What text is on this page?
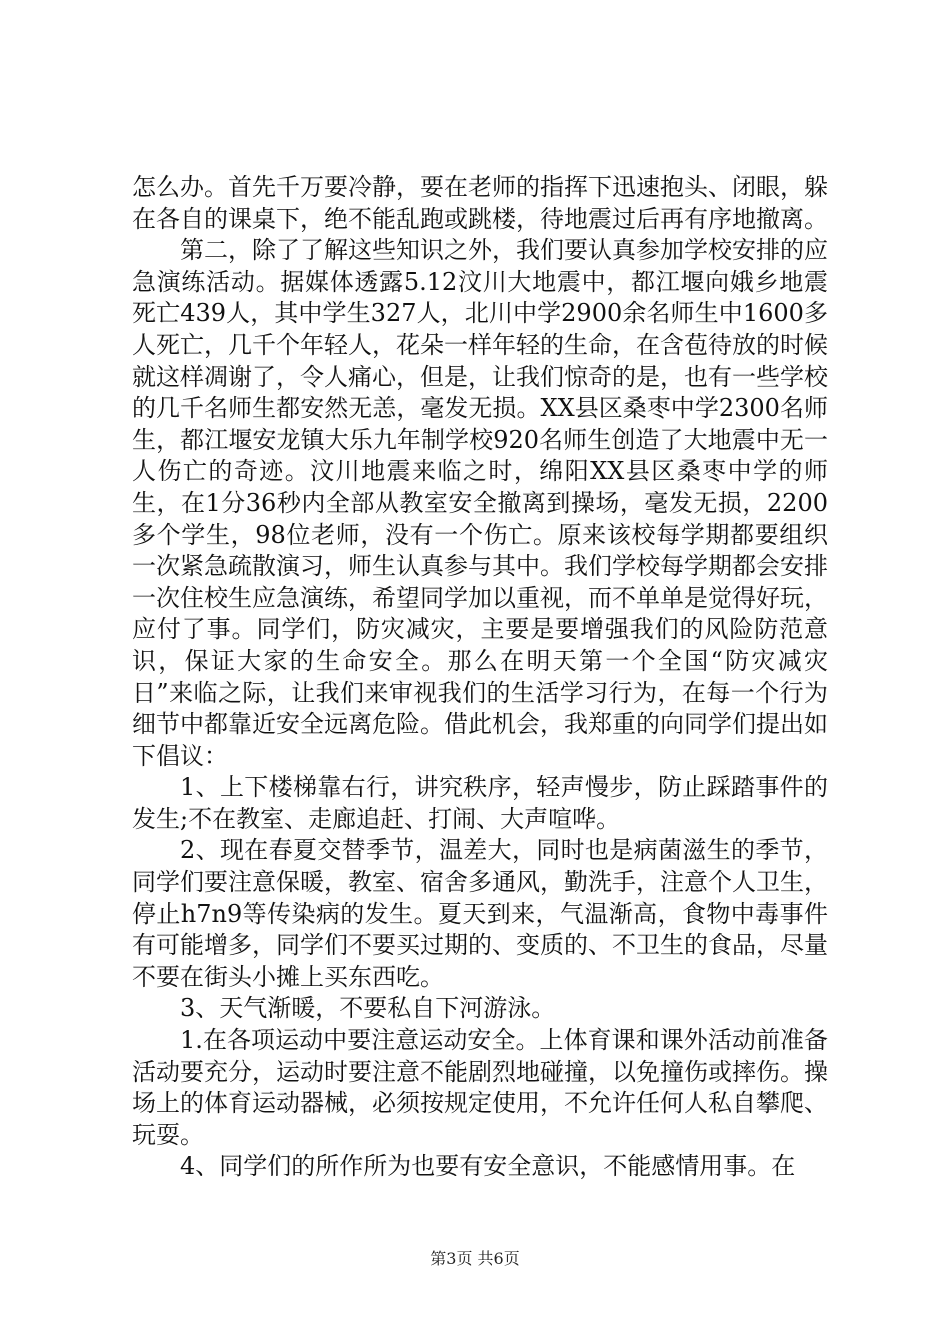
怎么办。首先千万要冷静，要在老师的指挥下迅速抱头、闭眼，躲在各自的课桌下，绝不能乱跑或跳楼，待地震过后再有序地撤离。

第二，除了了解这些知识之外，我们要认真参加学校安排的应急演练活动。据媒体透露5.12汶川大地震中，都江堰向娥乡地震死亡439人，其中学生327人，北川中学2900余名师生中1600多人死亡，几千个年轻人，花朵一样年轻的生命，在含苞待放的时候就这样凋谢了，令人痛心，但是，让我们惊奇的是，也有一些学校的几千名师生都安然无恙，毫发无损。XX县区桑枣中学2300名师生，都江堰安龙镇大乐九年制学校920名师生创造了大地震中无一人伤亡的奇迹。汶川地震来临之时，绵阳XX县区桑枣中学的师生，在1分36秒内全部从教室安全撤离到操场，毫发无损，2200多个学生，98位老师，没有一个伤亡。原来该校每学期都要组织一次紧急疏散演习，师生认真参与其中。我们学校每学期都会安排一次住校生应急演练，希望同学加以重视，而不单单是觉得好玩，应付了事。同学们，防灾减灾，主要是要增强我们的风险防范意识，保证大家的生命安全。那么在明天第一个全国“防灾减灾日”来临之际，让我们来审视我们的生活学习行为，在每一个行为细节中都靠近安全远离危险。借此机会，我郑重的向同学们提出如下倡议：

1、上下楼梯靠右行，讲究秩序，轻声慢步，防止踩踏事件的发生;不在教室、走廊追赶、打闹、大声喧哗。

2、现在春夏交替季节，温差大，同时也是病菌滋生的季节，同学们要注意保暖，教室、宿舍多通风，勤洗手，注意个人卫生，停止h7n9等传染病的发生。夏天到来，气温渐高，食物中毒事件有可能增多，同学们不要买过期的、变质的、不卫生的食品，尽量不要在街头小摊上买东西吃。

3、天气渐暖，不要私自下河游泳。

1.在各项运动中要注意运动安全。上体育课和课外活动前准备活动要充分，运动时要注意不能剧烈地碰撞，以免撞伤或摔伤。操场上的体育运动器械，必须按规定使用，不允许任何人私自攀爬、玩耍。

4、同学们的所作所为也要有安全意识，不能感情用事。在

第3页 共6页
